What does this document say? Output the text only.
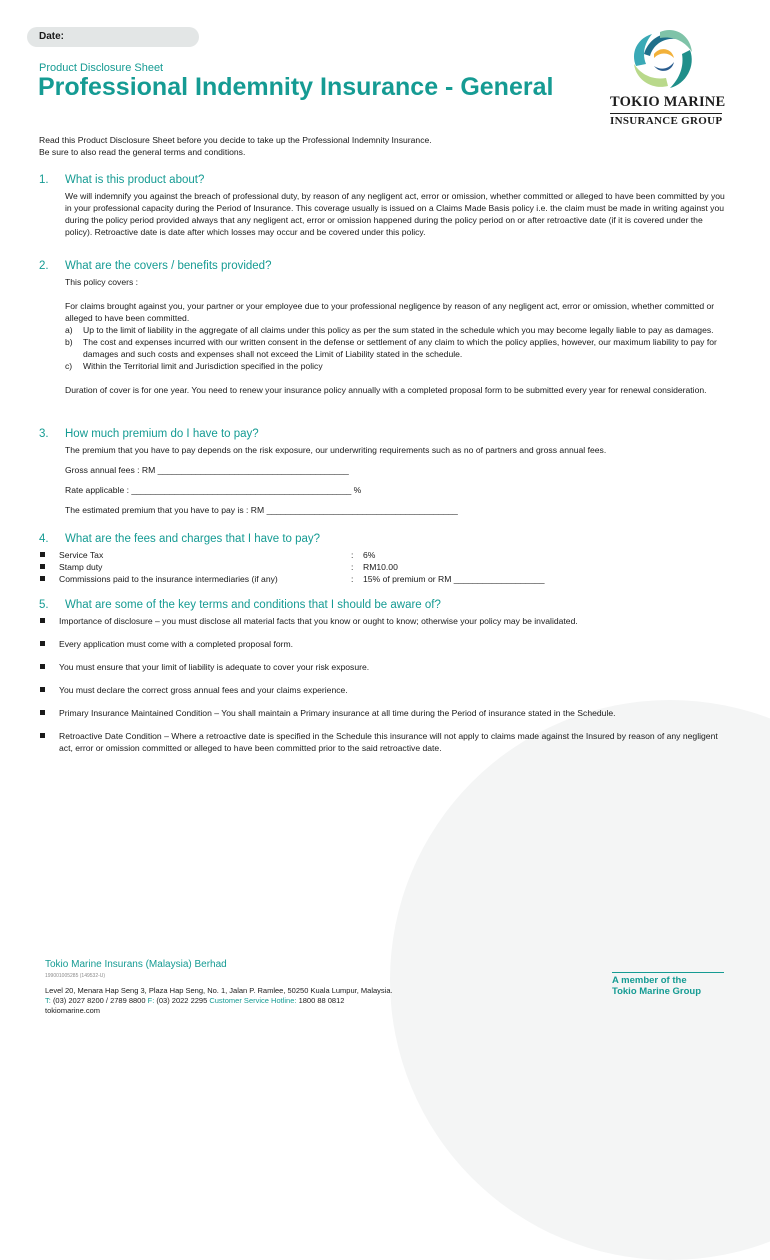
Date:
TOKIO MARINE
INSURANCE GROUP
Product Disclosure Sheet
Professional Indemnity Insurance - General

Read this Product Disclosure Sheet before you decide to take up the Professional Indemnity Insurance.

Be sure to also read the general terms and conditions.

1. What is this product about?

We will indemnify you against the breach of professional duty, by reason of any negligent act, error or omission, whether committed or alleged to have been committed by you in your professional capacity during the Period of Insurance. This coverage usually is issued on a Claims Made Basis policy i.e. the claim must be made in writing against you during the policy period provided always that any negligent act, error or omission happened during the policy period on or after retroactive date (if it is covered under the policy). Retroactive date is date after which losses may occur and be covered under this policy.

2. What are the covers / benefits provided?

This policy covers :

For claims brought against you, your partner or your employee due to your professional negligence by reason of any negligent act, error or omission, whether committed or alleged to have been committed.

a) Up to the limit of liability in the aggregate of all claims under this policy as per the sum stated in the schedule which you may become legally liable to pay as damages.
b) The cost and expenses incurred with our written consent in the defense or settlement of any claim to which the policy applies, however, our maximum liability to pay for damages and such costs and expenses shall not exceed the Limit of Liability stated in the schedule.
c) Within the Territorial limit and Jurisdiction specified in the policy

Duration of cover is for one year. You need to renew your insurance policy annually with a completed proposal form to be submitted every year for renewal consideration.

3. How much premium do I have to pay?

The premium that you have to pay depends on the risk exposure, our underwriting requirements such as no of partners and gross annual fees.

Gross annual fees : RM ________________________________________

Rate applicable : ______________________________________________ %

The estimated premium that you have to pay is : RM ________________________________________

4. What are the fees and charges that I have to pay?
Service Tax	:	6%
Stamp duty	:	RM10.00
Commissions paid to the insurance intermediaries (if any)	:	15% of premium or RM ___________________
5. What are some of the key terms and conditions that I should be aware of?
Importance of disclosure – you must disclose all material facts that you know or ought to know; otherwise your policy may be invalidated.
Every application must come with a completed proposal form.
You must ensure that your limit of liability is adequate to cover your risk exposure.
You must declare the correct gross annual fees and your claims experience.
Primary Insurance Maintained Condition – You shall maintain a Primary insurance at all time during the Period of insurance stated in the Schedule.
Retroactive Date Condition – Where a retroactive date is specified in the Schedule this insurance will not apply to claims made against the Insured by reason of any negligent act, error or omission committed or alleged to have been committed prior to the said retroactive date.
Tokio Marine Insurans (Malaysia) Berhad
199001005285 (149532-U)
Level 20, Menara Hap Seng 3, Plaza Hap Seng, No. 1, Jalan P. Ramlee, 50250 Kuala Lumpur, Malaysia.
T: (03) 2027 8200 / 2789 8800 F: (03) 2022 2295 Customer Service Hotline: 1800 88 0812
tokiomarine.com
A member of the
Tokio Marine Group
